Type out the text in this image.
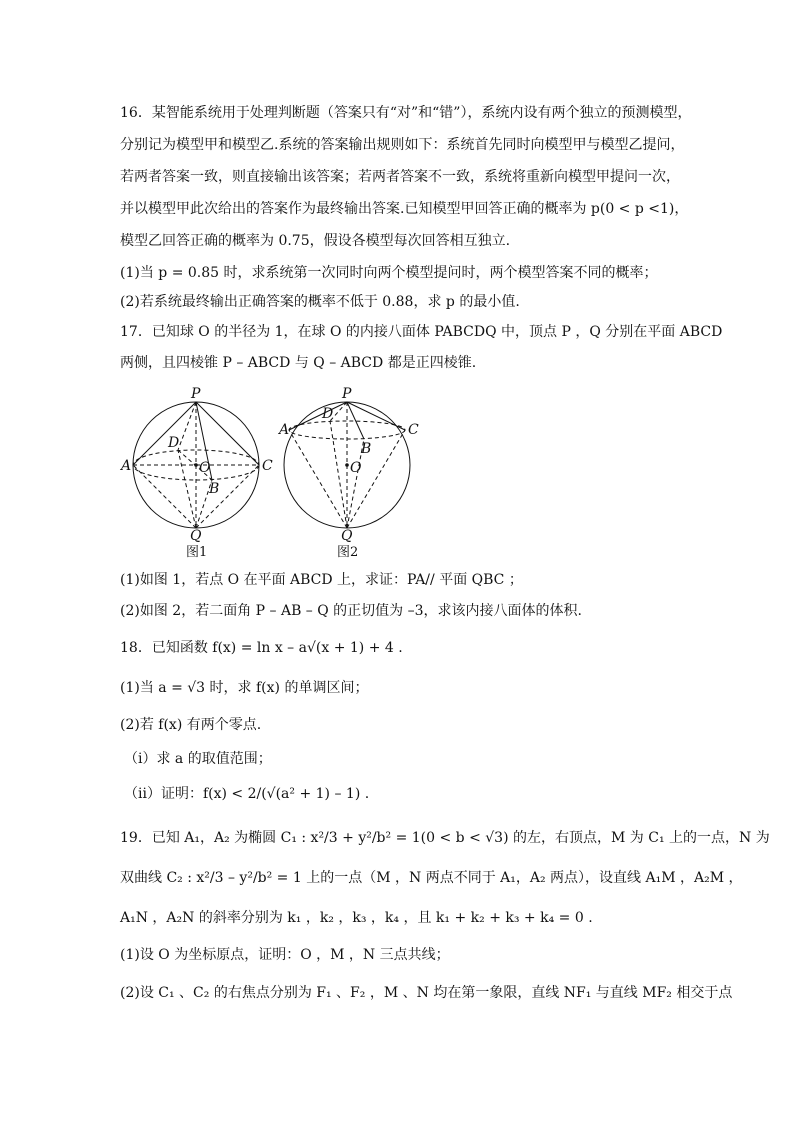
16．某智能系统用于处理判断题（答案只有“对”和“错”），系统内设有两个独立的预测模型，
分别记为模型甲和模型乙.系统的答案输出规则如下：系统首先同时向模型甲与模型乙提问，
若两者答案一致，则直接输出该答案；若两者答案不一致，系统将重新向模型甲提问一次，
并以模型甲此次给出的答案作为最终输出答案.已知模型甲回答正确的概率为 p(0 < p <1)，
模型乙回答正确的概率为 0.75，假设各模型每次回答相互独立.
(1)当 p = 0.85 时，求系统第一次同时向两个模型提问时，两个模型答案不同的概率；
(2)若系统最终输出正确答案的概率不低于 0.88，求 p 的最小值.
17．已知球 O 的半径为 1，在球 O 的内接八面体 PABCDQ 中，顶点 P ，Q 分别在平面 ABCD
两侧，且四棱锥 P – ABCD 与 Q – ABCD 都是正四棱锥.
P
A	C
B
D
O
Q
P
A	C
B
D
O
Q
图1	图2
(1)如图 1，若点 O 在平面 ABCD 上，求证：PA// 平面 QBC ；
(2)如图 2，若二面角 P – AB – Q 的正切值为 –3，求该内接八面体的体积.
18．已知函数 f(x) = ln x – a√(x + 1) + 4 .
(1)当 a = √3 时，求 f(x) 的单调区间；
(2)若 f(x) 有两个零点.
（i）求 a 的取值范围；
（ii）证明：f(x) < 2/(√(a² + 1) – 1) .
19．已知 A₁，A₂ 为椭圆 C₁ : x²/3 + y²/b² = 1(0 < b < √3) 的左，右顶点，M 为 C₁ 上的一点，N 为
双曲线 C₂ : x²/3 – y²/b² = 1 上的一点（M ，N 两点不同于 A₁，A₂ 两点），设直线 A₁M ，A₂M ，
A₁N ，A₂N 的斜率分别为 k₁ ，k₂ ，k₃ ，k₄ ，且 k₁ + k₂ + k₃ + k₄ = 0 .
(1)设 O 为坐标原点，证明：O ，M ，N 三点共线；
(2)设 C₁ 、C₂ 的右焦点分别为 F₁ 、F₂ ，M 、N 均在第一象限，直线 NF₁ 与直线 MF₂ 相交于点
